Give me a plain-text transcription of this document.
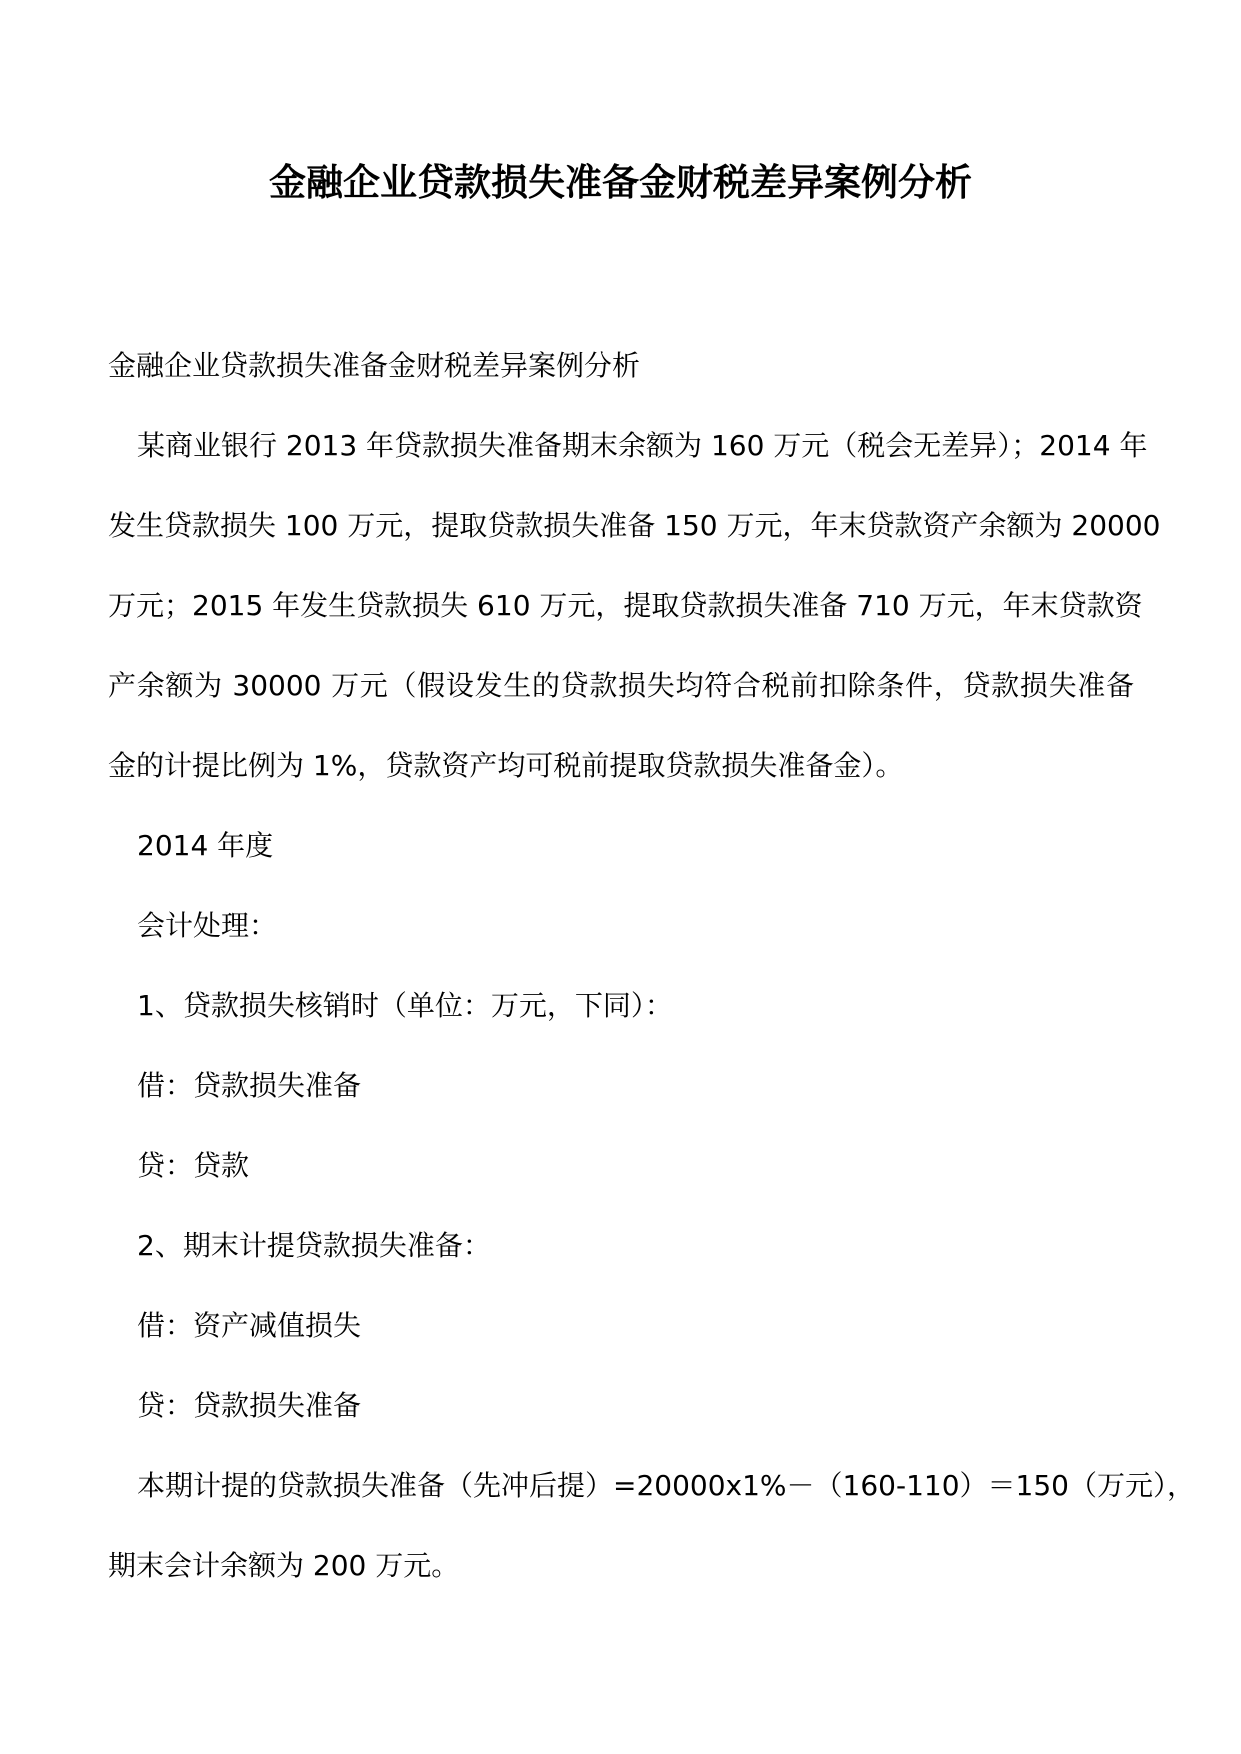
金融企业贷款损失准备金财税差异案例分析

金融企业贷款损失准备金财税差异案例分析

某商业银行 2013 年贷款损失准备期末余额为 160 万元（税会无差异）；2014 年

发生贷款损失 100 万元，提取贷款损失准备 150 万元，年末贷款资产余额为 20000

万元；2015 年发生贷款损失 610 万元，提取贷款损失准备 710 万元，年末贷款资

产余额为 30000 万元（假设发生的贷款损失均符合税前扣除条件，贷款损失准备

金的计提比例为 1%，贷款资产均可税前提取贷款损失准备金）。

2014 年度

会计处理：

1、贷款损失核销时（单位：万元，下同）：

借：贷款损失准备

贷：贷款

2、期末计提贷款损失准备：

借：资产减值损失

贷：贷款损失准备

本期计提的贷款损失准备（先冲后提）=20000x1%－（160-110）＝150（万元），

期末会计余额为 200 万元。
